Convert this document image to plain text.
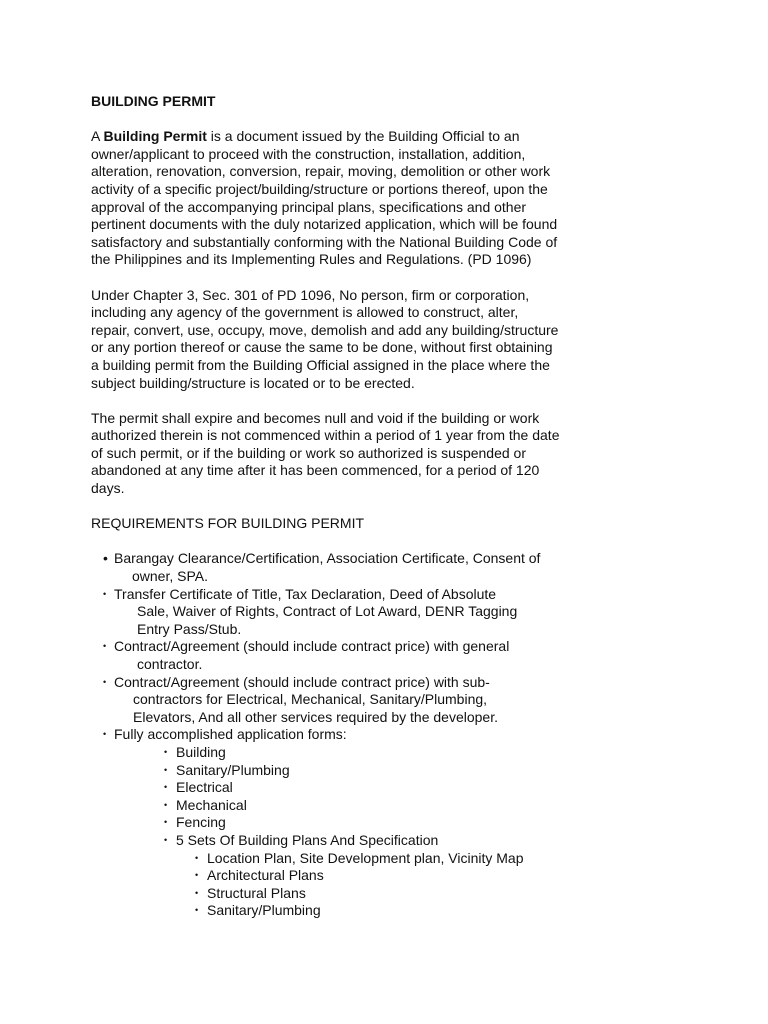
BUILDING PERMIT

A Building Permit is a document issued by the Building Official to an
owner/applicant to proceed with the construction, installation, addition,
alteration, renovation, conversion, repair, moving, demolition or other work
activity of a specific project/building/structure or portions thereof, upon the
approval of the accompanying principal plans, specifications and other
pertinent documents with the duly notarized application, which will be found
satisfactory and substantially conforming with the National Building Code of
the Philippines and its Implementing Rules and Regulations. (PD 1096)
Under Chapter 3, Sec. 301 of PD 1096, No person, firm or corporation,
including any agency of the government is allowed to construct, alter,
repair, convert, use, occupy, move, demolish and add any building/structure
or any portion thereof or cause the same to be done, without first obtaining
a building permit from the Building Official assigned in the place where the
subject building/structure is located or to be erected.
The permit shall expire and becomes null and void if the building or work
authorized therein is not commenced within a period of 1 year from the date
of such permit, or if the building or work so authorized is suspended or
abandoned at any time after it has been commenced, for a period of 120
days.

REQUIREMENTS FOR BUILDING PERMIT

• Barangay Clearance/Certification, Association Certificate, Consent of
owner, SPA.
• Transfer Certificate of Title, Tax Declaration, Deed of Absolute
Sale, Waiver of Rights, Contract of Lot Award, DENR Tagging
Entry Pass/Stub.
• Contract/Agreement (should include contract price) with general
contractor.
• Contract/Agreement (should include contract price) with sub-
contractors for Electrical, Mechanical, Sanitary/Plumbing,
Elevators, And all other services required by the developer.
• Fully accomplished application forms:
• Building
• Sanitary/Plumbing
• Electrical
• Mechanical
• Fencing
• 5 Sets Of Building Plans And Specification
• Location Plan, Site Development plan, Vicinity Map
• Architectural Plans
• Structural Plans
• Sanitary/Plumbing
